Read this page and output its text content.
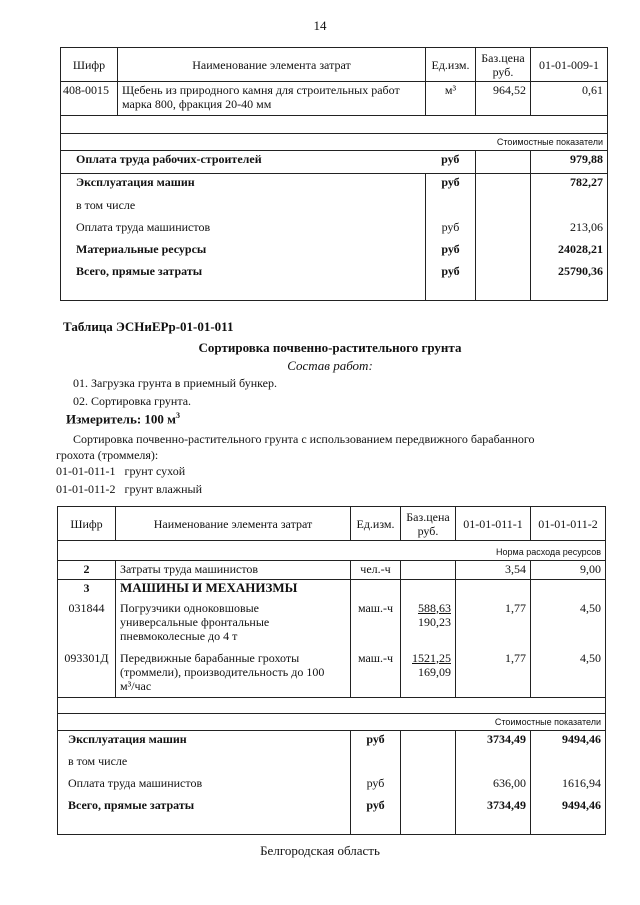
14
Шифр	Наименование элемента затрат	Ед.изм.	Баз.цена
руб.	01-01-009-1
408-0015	Щебень из природного камня для строительных работ
марка 800, фракция 20-40 мм	м³	964,52	0,61

Стоимостные показатели				
Оплата труда рабочих-строителей		руб		979,88
Эксплуатация машин		руб		782,27
в том числе				
Оплата труда машинистов		руб		213,06
Материальные ресурсы		руб		24028,21
Всего, прямые затраты		руб		25790,36
Таблица ЭСНиЕРр-01-01-011
Сортировка почвенно-растительного грунта
Состав работ:
01. Загрузка грунта в приемный бункер.
02. Сортировка грунта.
Измеритель: 100 $м^3$
Сортировка почвенно-растительного грунта с использованием передвижного барабанного
грохота (троммеля):
01-01-011-1 грунт сухой
01-01-011-2 грунт влажный
Шифр	Наименование элемента затрат	Ед.изм.	Баз.цена
руб.	01-01-011-1	01-01-011-2
Норма расхода ресурсов					
2	Затраты труда машинистов	чел.-ч		3,54	9,00
3	МАШИНЫ И МЕХАНИЗМЫ				
031844	Погрузчики одноковшовые
универсальные фронтальные
пневмоколесные до 4 т	маш.-ч	588,63
190,23	1,77	4,50
093301Д	Передвижные барабанные грохоты
(троммели), производительность до 100
м³/час	маш.-ч	1521,25
169,09	1,77	4,50

Стоимостные показатели					
Эксплуатация машин		руб		3734,49	9494,46
в том числе					
Оплата труда машинистов		руб		636,00	1616,94
Всего, прямые затраты		руб		3734,49	9494,46
Белгородская область
